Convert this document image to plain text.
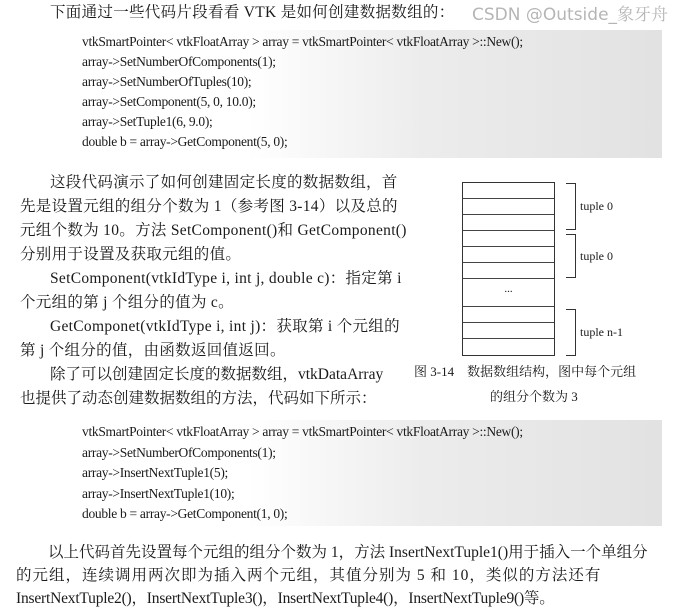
下面通过一些代码片段看看 VTK 是如何创建数据数组的： CSDN @Outside_象牙舟
vtkSmartPointer< vtkFloatArray > array = vtkSmartPointer< vtkFloatArray >::New();
array->SetNumberOfComponents(1);
array->SetNumberOfTuples(10);
array->SetComponent(5, 0, 10.0);
array->SetTuple1(6, 9.0);
double b = array->GetComponent(5, 0);
这段代码演示了如何创建固定长度的数据数组，首
先是设置元组的组分个数为 1（参考图 3-14）以及总的
元组个数为 10。方法 SetComponent()和 GetComponent()
分别用于设置及获取元组的值。
SetComponent(vtkIdType i, int j, double c)：指定第 i
个元组的第 j 个组分的值为 c。
GetComponet(vtkIdType i, int j)：获取第 i 个元组的
第 j 个组分的值，由函数返回值返回。
除了可以创建固定长度的数据数组，vtkDataArray
也提供了动态创建数据数组的方法，代码如下所示：
...
tuple 0
tuple 0
tuple n-1
图 3-14　数据数组结构，图中每个元组
的组分个数为 3
vtkSmartPointer< vtkFloatArray > array = vtkSmartPointer< vtkFloatArray >::New();
array->SetNumberOfComponents(1);
array->InsertNextTuple1(5);
array->InsertNextTuple1(10);
double b = array->GetComponent(1, 0);
以上代码首先设置每个元组的组分个数为 1，方法 InsertNextTuple1()用于插入一个单组分
的元组，连续调用两次即为插入两个元组，其值分别为 5 和 10，类似的方法还有
InsertNextTuple2()，InsertNextTuple3()，InsertNextTuple4()，InsertNextTuple9()等。
